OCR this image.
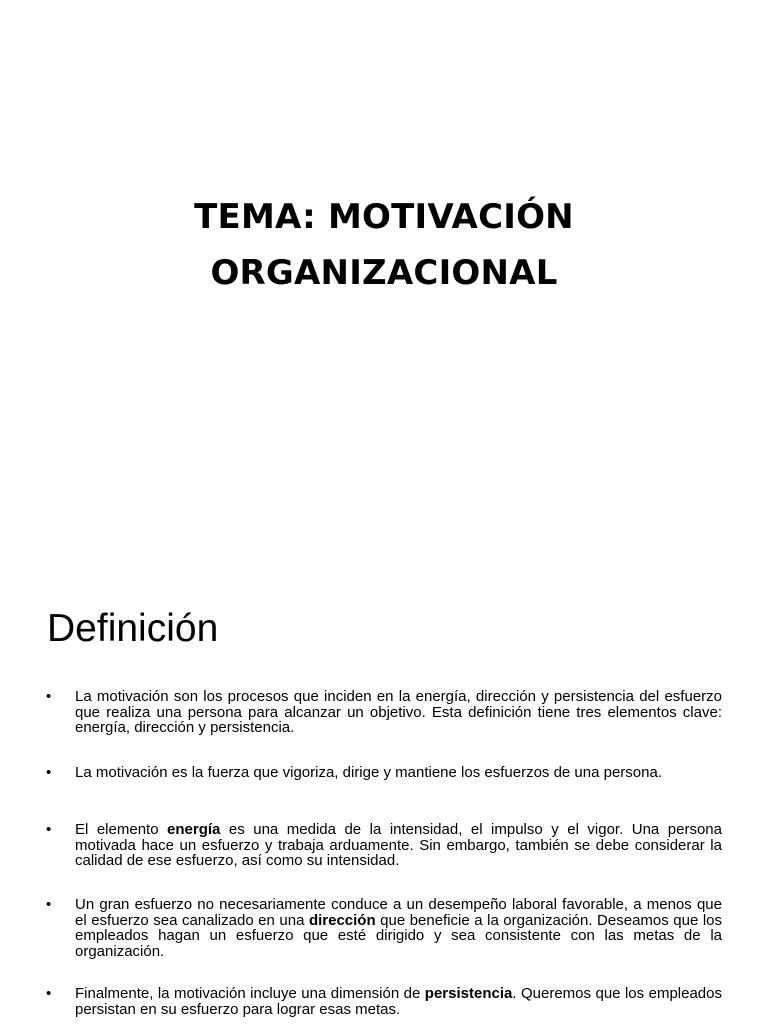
TEMA: MOTIVACIÓN
ORGANIZACIONAL
Definición
•	La motivación son los procesos que inciden en la energía, dirección y persistencia del esfuerzo que realiza una persona para alcanzar un objetivo. Esta definición tiene tres elementos clave: energía, dirección y persistencia.
•	La motivación es la fuerza que vigoriza, dirige y mantiene los esfuerzos de una persona.
•	El elemento energía es una medida de la intensidad, el impulso y el vigor. Una persona motivada hace un esfuerzo y trabaja arduamente. Sin embargo, también se debe considerar la calidad de ese esfuerzo, así como su intensidad.
•	Un gran esfuerzo no necesariamente conduce a un desempeño laboral favorable, a menos que el esfuerzo sea canalizado en una dirección que beneficie a la organización. Deseamos que los empleados hagan un esfuerzo que esté dirigido y sea consistente con las metas de la organización.
•	Finalmente, la motivación incluye una dimensión de persistencia. Queremos que los empleados persistan en su esfuerzo para lograr esas metas.
